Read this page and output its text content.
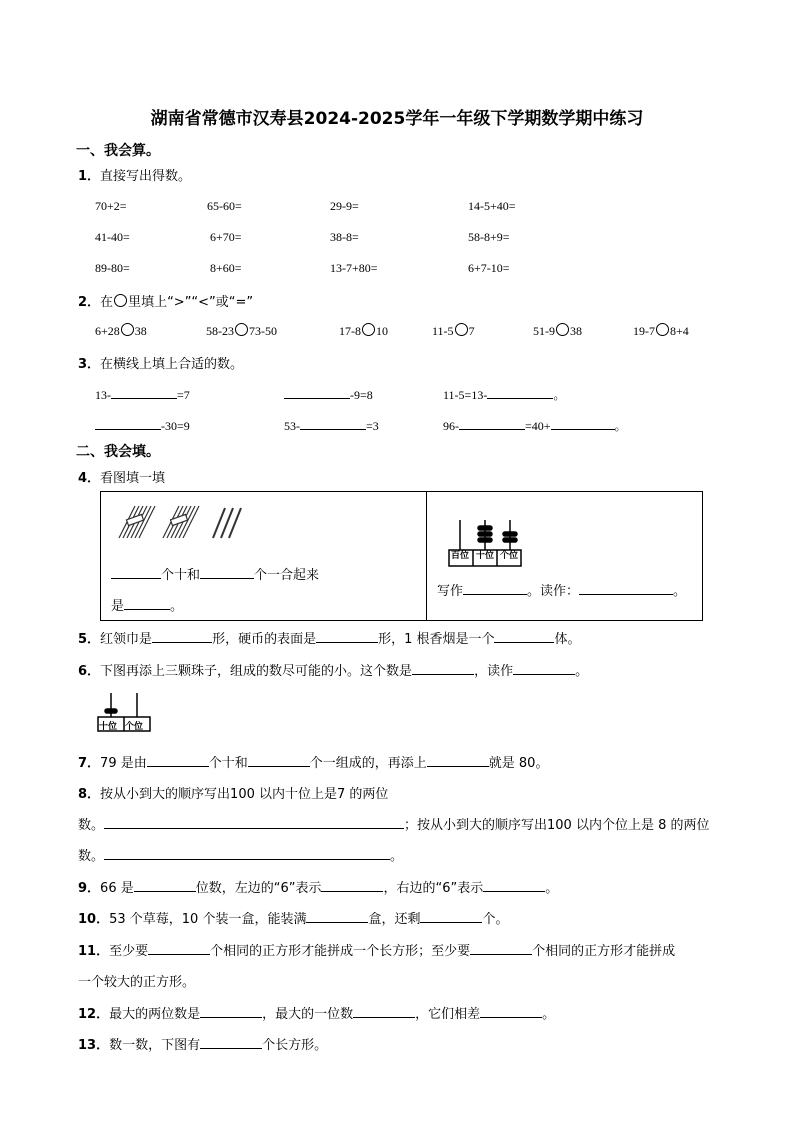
湖南省常德市汉寿县2024-2025学年一年级下学期数学期中练习
一、我会算。
1．直接写出得数。
70+2=	65-60=	29-9=	14-5+40=
41-40=	6+70=	38-8=	58-8+9=
89-80=	8+60=	13-7+80=	6+7-10=
2．在 里填上“>”“<”或“=”
6+28 38	58-23 73-50	17-8 10	11-5 7	51-9 38	19-7 8+4
3．在横线上填上合适的数。
13-	=7	-9=8	11-5=13-	。
-30=9	53-	=3	96-	=40+	。
二、我会填。
4．看图填一填
个十和	个一合起来
是	。
百位 十位 个位
写作	。读作：	。
5．红领巾是	形，硬币的表面是	形，1 根香烟是一个	体。
6．下图再添上三颗珠子，组成的数尽可能的小。这个数是	，读作	。
十位 个位
7．79 是由	个十和	个一组成的，再添上	就是 80。
8．按从小到大的顺序写出100 以内十位上是7 的两位
数。	；按从小到大的顺序写出100 以内个位上是 8 的两位
数。	。
9．66 是	位数，左边的“6”表示	，右边的“6”表示	。
10．53 个草莓，10 个装一盒，能装满	盒，还剩	个。
11．至少要	个相同的正方形才能拼成一个长方形；至少要	个相同的正方形才能拼成
一个较大的正方形。
12．最大的两位数是	，最大的一位数	，它们相差	。
13．数一数，下图有	个长方形。
